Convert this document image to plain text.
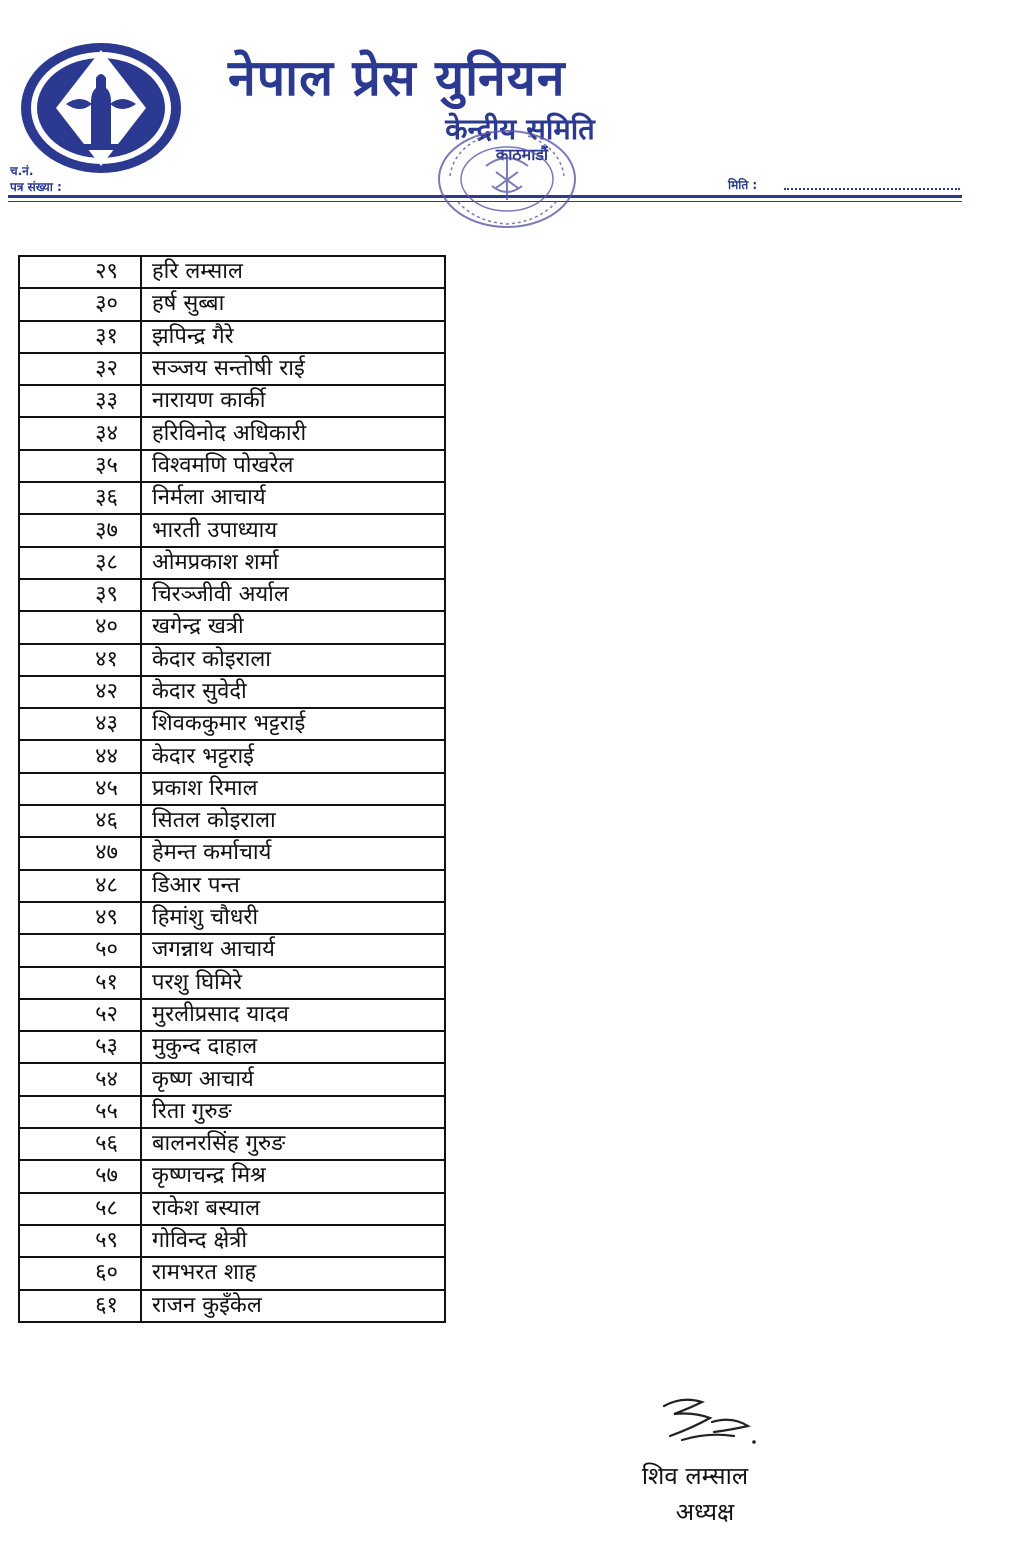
नेपाल प्रेस युनियन
केन्द्रीय समिति
काठमाडौं
च.नं.
पत्र संख्या :	मिति :
२९	हरि लम्साल
३०	हर्ष सुब्बा
३१	झपिन्द्र गैरे
३२	सञ्जय सन्तोषी राई
३३	नारायण कार्की
३४	हरिविनोद अधिकारी
३५	विश्वमणि पोखरेल
३६	निर्मला आचार्य
३७	भारती उपाध्याय
३८	ओमप्रकाश शर्मा
३९	चिरञ्जीवी अर्याल
४०	खगेन्द्र खत्री
४१	केदार कोइराला
४२	केदार सुवेदी
४३	शिवककुमार भट्टराई
४४	केदार भट्टराई
४५	प्रकाश रिमाल
४६	सितल कोइराला
४७	हेमन्त कर्माचार्य
४८	डिआर पन्त
४९	हिमांशु चौधरी
५०	जगन्नाथ आचार्य
५१	परशु घिमिरे
५२	मुरलीप्रसाद यादव
५३	मुकुन्द दाहाल
५४	कृष्ण आचार्य
५५	रिता गुरुङ
५६	बालनरसिंह गुरुङ
५७	कृष्णचन्द्र मिश्र
५८	राकेश बस्याल
५९	गोविन्द क्षेत्री
६०	रामभरत शाह
६१	राजन कुइँकेल
शिव लम्साल
अध्यक्ष
